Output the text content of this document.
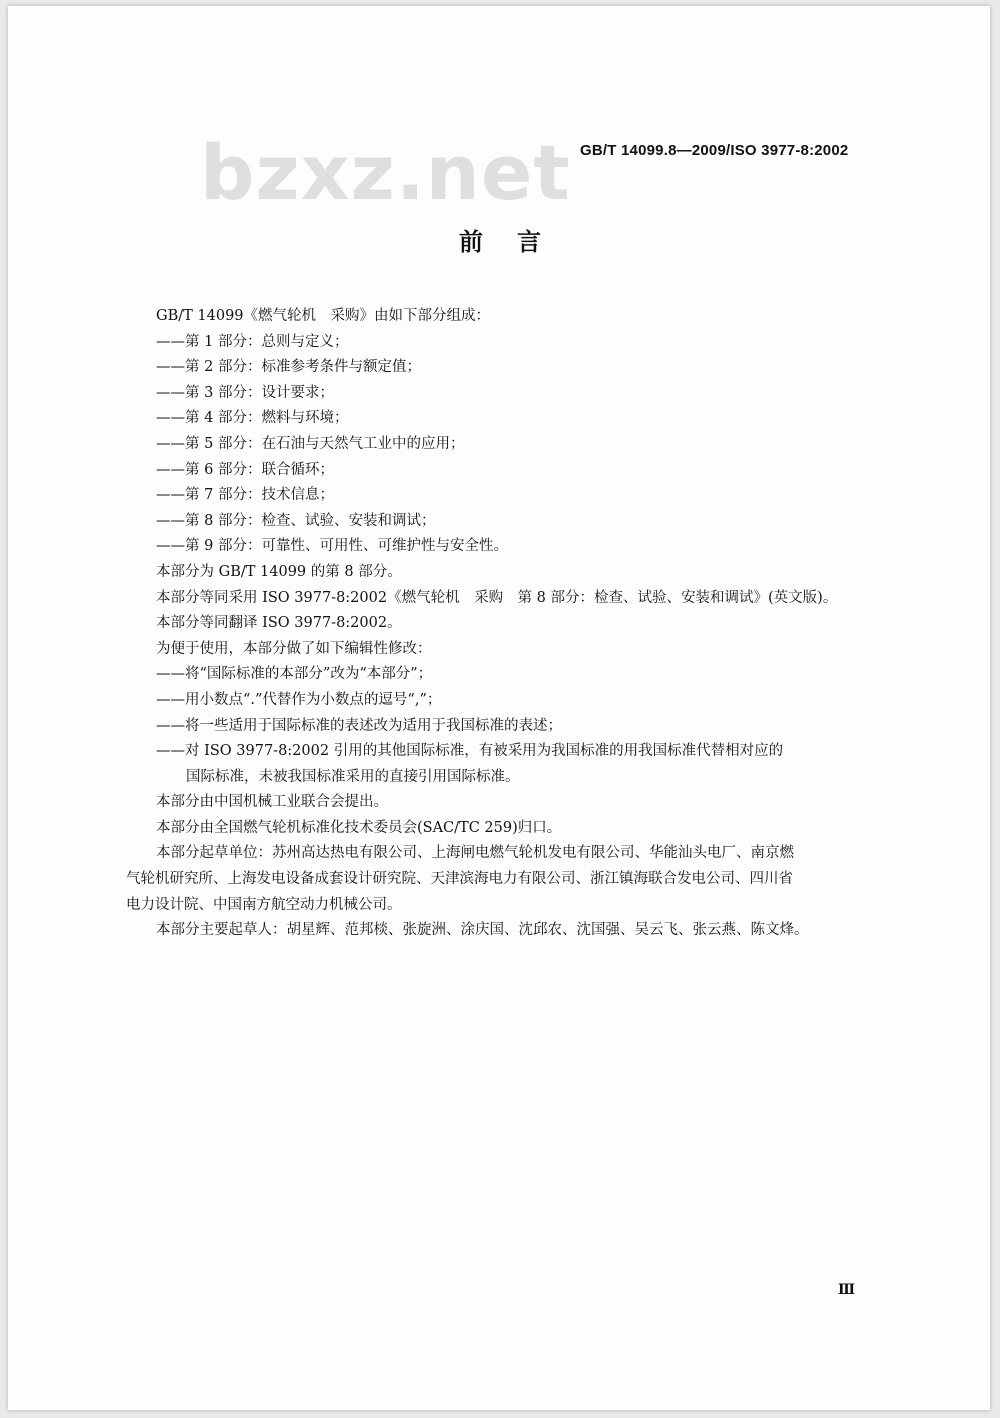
bzxz.net GB/T 14099.8—2009/ISO 3977-8:2002
前言
GB/T 14099《燃气轮机　采购》由如下部分组成：
——第 1 部分：总则与定义；
——第 2 部分：标准参考条件与额定值；
——第 3 部分：设计要求；
——第 4 部分：燃料与环境；
——第 5 部分：在石油与天然气工业中的应用；
——第 6 部分：联合循环；
——第 7 部分：技术信息；
——第 8 部分：检查、试验、安装和调试；
——第 9 部分：可靠性、可用性、可维护性与安全性。
本部分为 GB/T 14099 的第 8 部分。
本部分等同采用 ISO 3977-8:2002《燃气轮机　采购　第 8 部分：检查、试验、安装和调试》(英文版)。
本部分等同翻译 ISO 3977-8:2002。
为便于使用，本部分做了如下编辑性修改：
——将“国际标准的本部分”改为“本部分”；
——用小数点“.”代替作为小数点的逗号“,”；
——将一些适用于国际标准的表述改为适用于我国标准的表述；
——对 ISO 3977-8:2002 引用的其他国际标准，有被采用为我国标准的用我国标准代替相对应的
国际标准，未被我国标准采用的直接引用国际标准。
本部分由中国机械工业联合会提出。
本部分由全国燃气轮机标准化技术委员会(SAC/TC 259)归口。
本部分起草单位：苏州高达热电有限公司、上海闸电燃气轮机发电有限公司、华能汕头电厂、南京燃
气轮机研究所、上海发电设备成套设计研究院、天津滨海电力有限公司、浙江镇海联合发电公司、四川省
电力设计院、中国南方航空动力机械公司。
本部分主要起草人：胡星辉、范邦棪、张旋洲、涂庆国、沈邱农、沈国强、吴云飞、张云燕、陈文烽。
Ⅲ
